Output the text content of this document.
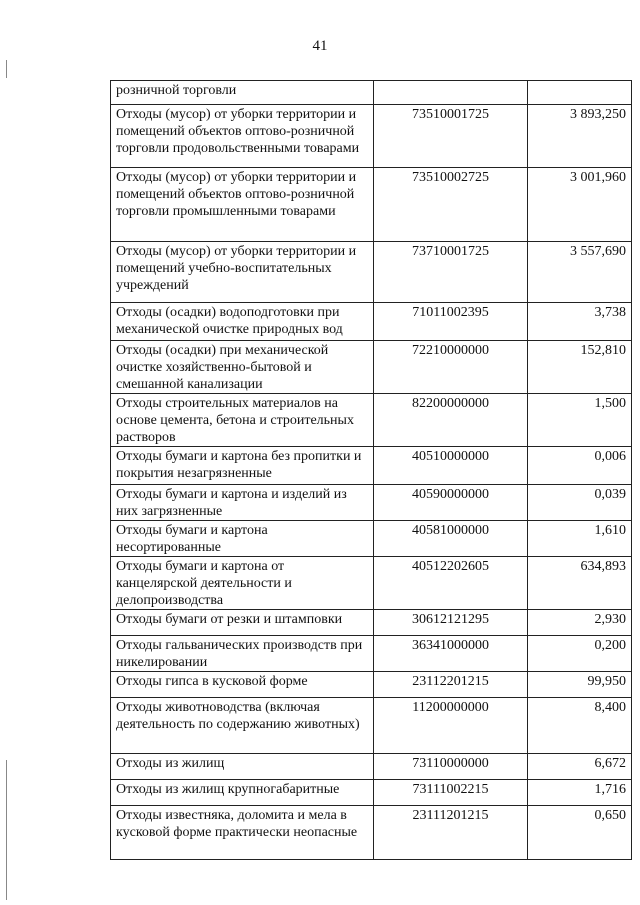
41
розничной торговли		
Отходы (мусор) от уборки территории и помещений объектов оптово-розничной торговли продовольственными товарами	73510001725	3 893,250
Отходы (мусор) от уборки территории и помещений объектов оптово-розничной торговли промышленными товарами	73510002725	3 001,960
Отходы (мусор) от уборки территории и помещений учебно-воспитательных учреждений	73710001725	3 557,690
Отходы (осадки) водоподготовки при механической очистке природных вод	71011002395	3,738
Отходы (осадки) при механической очистке хозяйственно-бытовой и смешанной канализации	72210000000	152,810
Отходы строительных материалов на основе цемента, бетона и строительных растворов	82200000000	1,500
Отходы бумаги и картона без пропитки и покрытия незагрязненные	40510000000	0,006
Отходы бумаги и картона и изделий из них загрязненные	40590000000	0,039
Отходы бумаги и картона несортированные	40581000000	1,610
Отходы бумаги и картона от канцелярской деятельности и делопроизводства	40512202605	634,893
Отходы бумаги от резки и штамповки	30612121295	2,930
Отходы гальванических производств при никелировании	36341000000	0,200
Отходы гипса в кусковой форме	23112201215	99,950
Отходы животноводства (включая деятельность по содержанию животных)	11200000000	8,400
Отходы из жилищ	73110000000	6,672
Отходы из жилищ крупногабаритные	73111002215	1,716
Отходы известняка, доломита и мела в кусковой форме практически неопасные	23111201215	0,650
